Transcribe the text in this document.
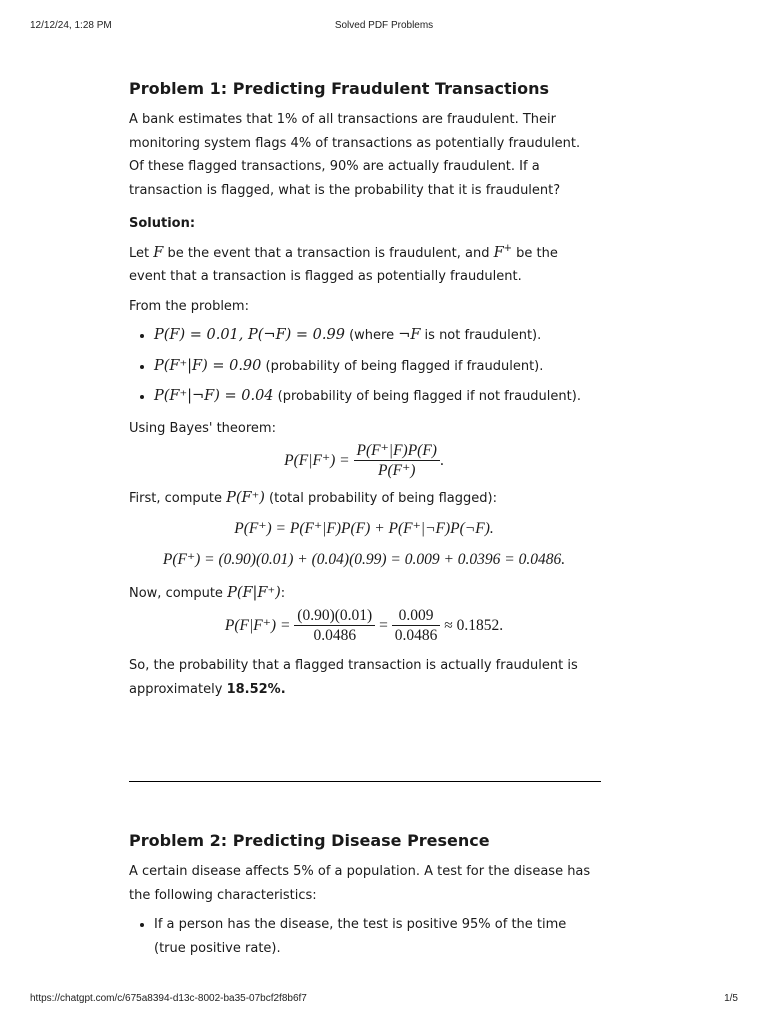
12/12/24, 1:28 PM	Solved PDF Problems
Problem 1: Predicting Fraudulent Transactions

A bank estimates that 1% of all transactions are fraudulent. Their monitoring system flags 4% of transactions as potentially fraudulent. Of these flagged transactions, 90% are actually fraudulent. If a transaction is flagged, what is the probability that it is fraudulent?

Solution:

Let F be the event that a transaction is fraudulent, and F+ be the event that a transaction is flagged as potentially fraudulent.

From the problem:

• P(F) = 0.01, P(¬F) = 0.99 (where ¬F is not fraudulent).
• P(F⁺|F) = 0.90 (probability of being flagged if fraudulent).
• P(F⁺|¬F) = 0.04 (probability of being flagged if not fraudulent).

Using Bayes' theorem:

$P(F|F^+) = \frac{P(F^+|F)P(F)}{P(F^+)}$ .

First, compute P(F⁺) (total probability of being flagged):

P(F⁺) = P(F⁺|F)P(F) + P(F⁺|¬F)P(¬F).
P(F⁺) = (0.90)(0.01) + (0.04)(0.99) = 0.009 + 0.0396 = 0.0486.

Now, compute P(F|F⁺):

$P(F|F^+) = \frac{(0.90)(0.01)}{0.0486} = \frac{0.009}{0.0486} \approx 0.1852$.

So, the probability that a flagged transaction is actually fraudulent is approximately 18.52%.

Problem 2: Predicting Disease Presence

A certain disease affects 5% of a population. A test for the disease has the following characteristics:

• If a person has the disease, the test is positive 95% of the time (true positive rate).
https://chatgpt.com/c/675a8394-d13c-8002-ba35-07bcf2f8b6f7	1/5
